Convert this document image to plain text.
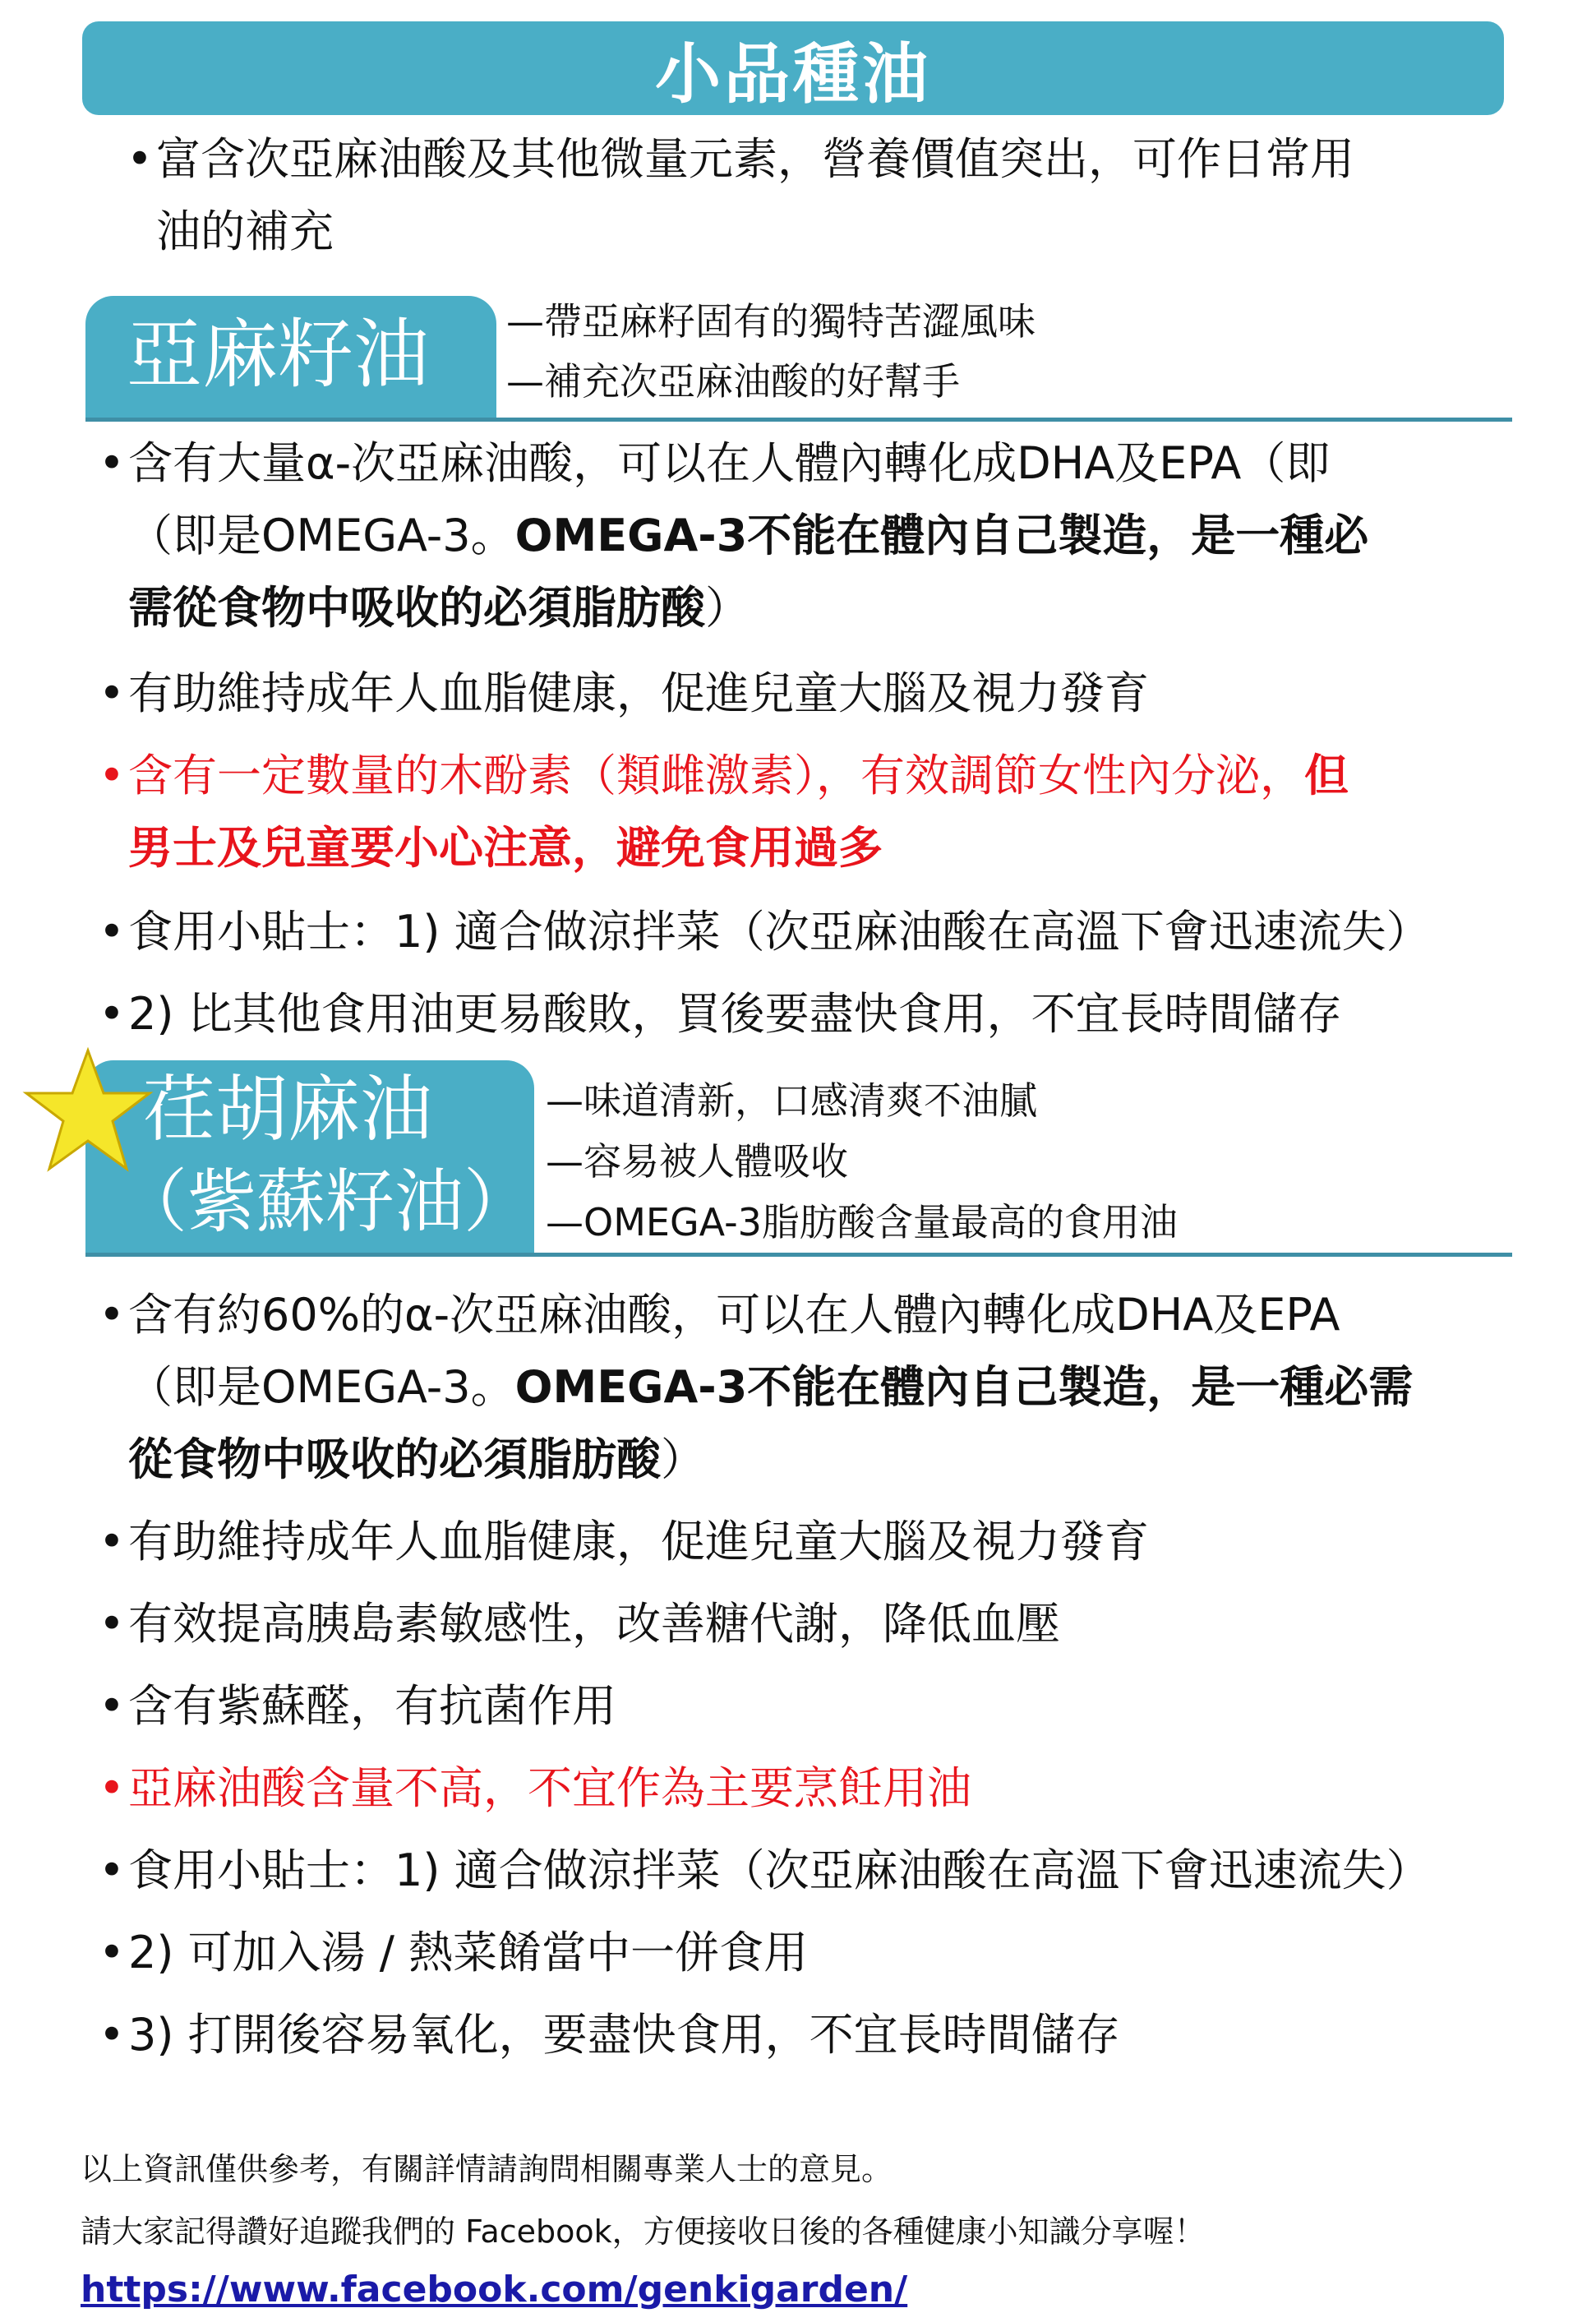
小品種油
• 富含次亞麻油酸及其他微量元素，營養價值突出，可作日常用
油的補充
亞麻籽油 —帶亞麻籽固有的獨特苦澀風味
—補充次亞麻油酸的好幫手
• 含有大量α-次亞麻油酸，可以在人體內轉化成DHA及EPA（即
（即是OMEGA-3。OMEGA-3不能在體內自己製造，是一種必
需從食物中吸收的必須脂肪酸）
• 有助維持成年人血脂健康，促進兒童大腦及視力發育
• 含有一定數量的木酚素（類雌激素），有效調節女性內分泌，但
男士及兒童要小心注意，避免食用過多
• 食用小貼士：1) 適合做涼拌菜（次亞麻油酸在高溫下會迅速流失）
• 2) 比其他食用油更易酸敗，買後要盡快食用，不宜長時間儲存
荏胡麻油
（紫蘇籽油）
—味道清新，口感清爽不油膩
—容易被人體吸收
—OMEGA-3脂肪酸含量最高的食用油
• 含有約60%的α-次亞麻油酸，可以在人體內轉化成DHA及EPA
（即是OMEGA-3。OMEGA-3不能在體內自己製造，是一種必需
從食物中吸收的必須脂肪酸）
• 有助維持成年人血脂健康，促進兒童大腦及視力發育
• 有效提高胰島素敏感性，改善糖代謝，降低血壓
• 含有紫蘇醛，有抗菌作用
• 亞麻油酸含量不高，不宜作為主要烹飪用油
• 食用小貼士：1) 適合做涼拌菜（次亞麻油酸在高溫下會迅速流失）
• 2) 可加入湯 / 熱菜餚當中一併食用
• 3) 打開後容易氧化，要盡快食用，不宜長時間儲存
以上資訊僅供參考，有關詳情請詢問相關專業人士的意見。
請大家記得讚好追蹤我們的 Facebook，方便接收日後的各種健康小知識分享喔！
https://www.facebook.com/genkigarden/
